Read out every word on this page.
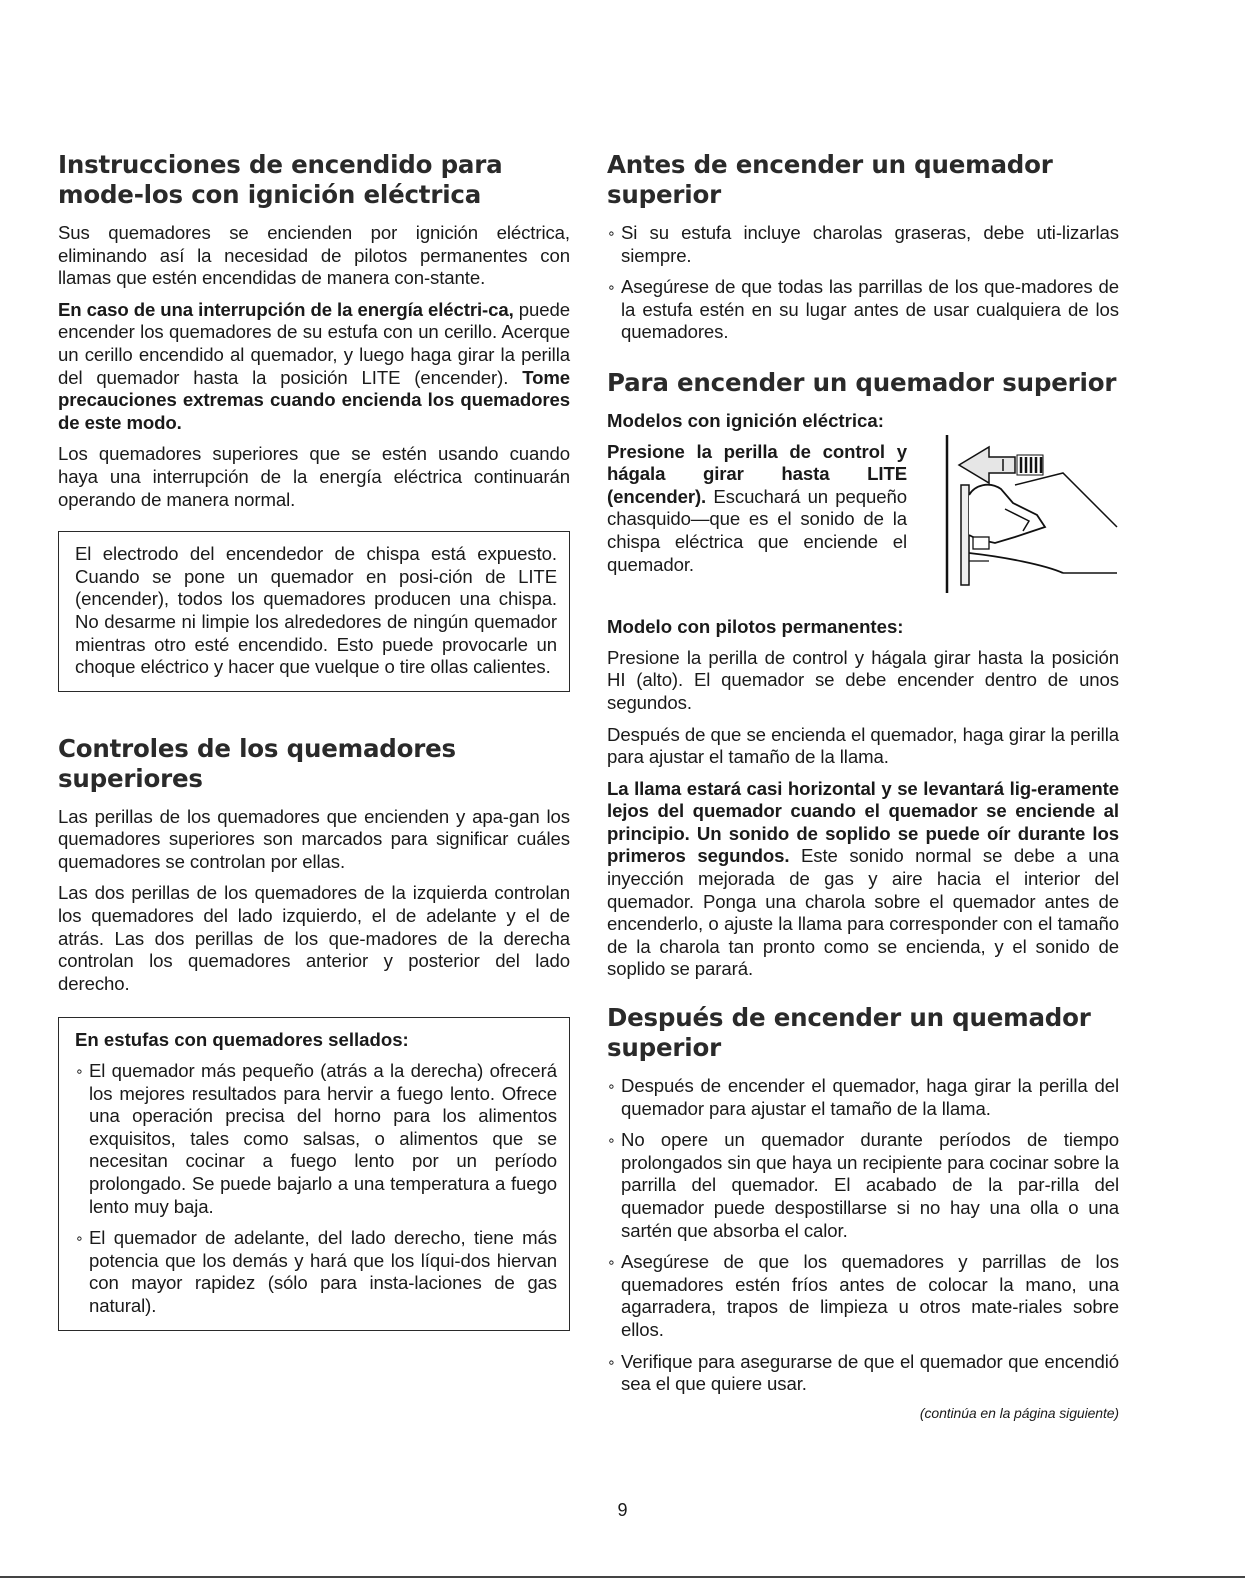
Instrucciones de encendido para mode-los con ignición eléctrica

Sus quemadores se encienden por ignición eléctrica, eliminando así la necesidad de pilotos permanentes con llamas que estén encendidas de manera con-stante.

En caso de una interrupción de la energía eléctri-ca, puede encender los quemadores de su estufa con un cerillo. Acerque un cerillo encendido al quemador, y luego haga girar la perilla del quemador hasta la posición LITE (encender). Tome precauciones extremas cuando encienda los quemadores de este modo.

Los quemadores superiores que se estén usando cuando haya una interrupción de la energía eléctrica continuarán operando de manera normal.

El electrodo del encendedor de chispa está expuesto. Cuando se pone un quemador en posi-ción de LITE (encender), todos los quemadores producen una chispa. No desarme ni limpie los alrededores de ningún quemador mientras otro esté encendido. Esto puede provocarle un choque eléctrico y hacer que vuelque o tire ollas calientes.

Controles de los quemadores superiores

Las perillas de los quemadores que encienden y apa-gan los quemadores superiores son marcados para significar cuáles quemadores se controlan por ellas.

Las dos perillas de los quemadores de la izquierda controlan los quemadores del lado izquierdo, el de adelante y el de atrás. Las dos perillas de los que-madores de la derecha controlan los quemadores anterior y posterior del lado derecho.

En estufas con quemadores sellados:
∘ El quemador más pequeño (atrás a la derecha) ofrecerá los mejores resultados para hervir a fuego lento. Ofrece una operación precisa del horno para los alimentos exquisitos, tales como salsas, o alimentos que se necesitan cocinar a fuego lento por un período prolongado. Se puede bajarlo a una temperatura a fuego lento muy baja.
∘ El quemador de adelante, del lado derecho, tiene más potencia que los demás y hará que los líqui-dos hiervan con mayor rapidez (sólo para insta-laciones de gas natural).
Antes de encender un quemador superior
∘ Si su estufa incluye charolas graseras, debe uti-lizarlas siempre.
∘ Asegúrese de que todas las parrillas de los que-madores de la estufa estén en su lugar antes de usar cualquiera de los quemadores.
Para encender un quemador superior
Modelos con ignición eléctrica:

Presione la perilla de control y hágala girar hasta LITE (encender). Escuchará un pequeño chasquido—que es el sonido de la chispa eléctrica que enciende el quemador.

Modelo con pilotos permanentes:

Presione la perilla de control y hágala girar hasta la posición HI (alto). El quemador se debe encender dentro de unos segundos.

Después de que se encienda el quemador, haga girar la perilla para ajustar el tamaño de la llama.

La llama estará casi horizontal y se levantará lig-eramente lejos del quemador cuando el quemador se enciende al principio. Un sonido de soplido se puede oír durante los primeros segundos. Este sonido normal se debe a una inyección mejorada de gas y aire hacia el interior del quemador. Ponga una charola sobre el quemador antes de encenderlo, o ajuste la llama para corresponder con el tamaño de la charola tan pronto como se encienda, y el sonido de soplido se parará.

Después de encender un quemador superior
∘ Después de encender el quemador, haga girar la perilla del quemador para ajustar el tamaño de la llama.
∘ No opere un quemador durante períodos de tiempo prolongados sin que haya un recipiente para cocinar sobre la parrilla del quemador. El acabado de la par-rilla del quemador puede despostillarse si no hay una olla o una sartén que absorba el calor.
∘ Asegúrese de que los quemadores y parrillas de los quemadores estén fríos antes de colocar la mano, una agarradera, trapos de limpieza u otros mate-riales sobre ellos.
∘ Verifique para asegurarse de que el quemador que encendió sea el que quiere usar.

(continúa en la página siguiente)

9
